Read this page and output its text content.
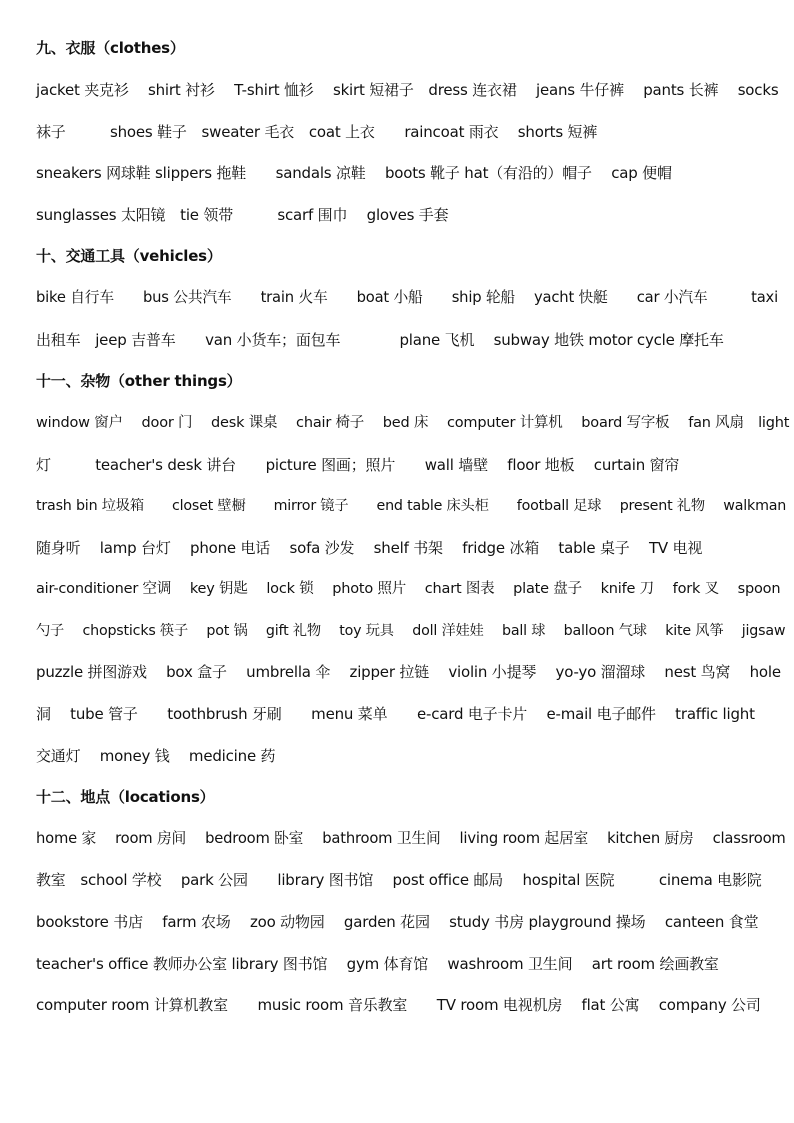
九、衣服（clothes）
jacket 夹克衫　 shirt 衬衫　 T-shirt 恤衫　 skirt 短裙子　dress 连衣裙　 jeans 牛仔裤　 pants 长裤　 socks
袜子　　　shoes 鞋子　sweater 毛衣　coat 上衣　　raincoat 雨衣　 shorts 短裤
sneakers 网球鞋 slippers 拖鞋　　sandals 凉鞋　 boots 靴子 hat（有沿的）帽子　 cap 便帽
sunglasses 太阳镜　tie 领带　　　scarf 围巾　 gloves 手套
十、交通工具（vehicles）
bike 自行车　　bus 公共汽车　　train 火车　　boat 小船　　ship 轮船　 yacht 快艇　　car 小汽车　　　taxi
出租车　jeep 吉普车　　van 小货车；面包车　　　　plane 飞机　 subway 地铁 motor cycle 摩托车
十一、杂物（other things）
window 窗户　 door 门　 desk 课桌　 chair 椅子　 bed 床　 computer 计算机　 board 写字板　 fan 风扇　light
灯　　　teacher's desk 讲台　　picture 图画；照片　　wall 墙壁　 floor 地板　 curtain 窗帘
trash bin 垃圾箱　　closet 壁橱　　mirror 镜子　　end table 床头柜　　football 足球　 present 礼物　 walkman
随身听　 lamp 台灯　 phone 电话　 sofa 沙发　 shelf 书架　 fridge 冰箱　 table 桌子　 TV 电视
air-conditioner 空调　 key 钥匙　 lock 锁　 photo 照片　 chart 图表　 plate 盘子　 knife 刀　 fork 叉　 spoon
勺子　 chopsticks 筷子　 pot 锅　 gift 礼物　 toy 玩具　 doll 洋娃娃　 ball 球　 balloon 气球　 kite 风筝　 jigsaw
puzzle 拼图游戏　 box 盒子　 umbrella 伞　 zipper 拉链　 violin 小提琴　 yo-yo 溜溜球　 nest 鸟窝　 hole
洞　 tube 管子　　toothbrush 牙刷　　menu 菜单　　e-card 电子卡片　 e-mail 电子邮件　 traffic light
交通灯　 money 钱　 medicine 药
十二、地点（locations）
home 家　 room 房间　 bedroom 卧室　 bathroom 卫生间　 living room 起居室　 kitchen 厨房　 classroom
教室　school 学校　 park 公园　　library 图书馆　 post office 邮局　 hospital 医院　　　cinema 电影院
bookstore 书店　 farm 农场　 zoo 动物园　 garden 花园　 study 书房 playground 操场　 canteen 食堂
teacher's office 教师办公室 library 图书馆　 gym 体育馆　 washroom 卫生间　 art room 绘画教室
computer room 计算机教室　　music room 音乐教室　　TV room 电视机房　 flat 公寓　 company 公司
